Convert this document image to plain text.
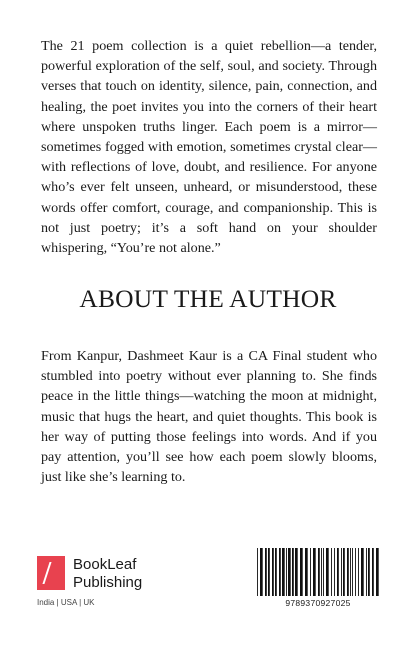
The 21 poem collection is a quiet rebellion—a tender, powerful exploration of the self, soul, and society. Through verses that touch on identity, silence, pain, connection, and healing, the poet invites you into the corners of their heart where unspoken truths linger. Each poem is a mirror—sometimes fogged with emotion, sometimes crystal clear—with reflections of love, doubt, and resilience. For anyone who’s ever felt unseen, unheard, or misunderstood, these words offer comfort, courage, and companionship. This is not just poetry; it’s a soft hand on your shoulder whispering, “You’re not alone.”

ABOUT THE AUTHOR

From Kanpur, Dashmeet Kaur is a CA Final student who stumbled into poetry without ever planning to. She finds peace in the little things—watching the moon at midnight, music that hugs the heart, and quiet thoughts. This book is her way of putting those feelings into words. And if you pay attention, you’ll see how each poem slowly blooms, just like she’s learning to.

BookLeaf
Publishing
India | USA | UK	9789370927025
